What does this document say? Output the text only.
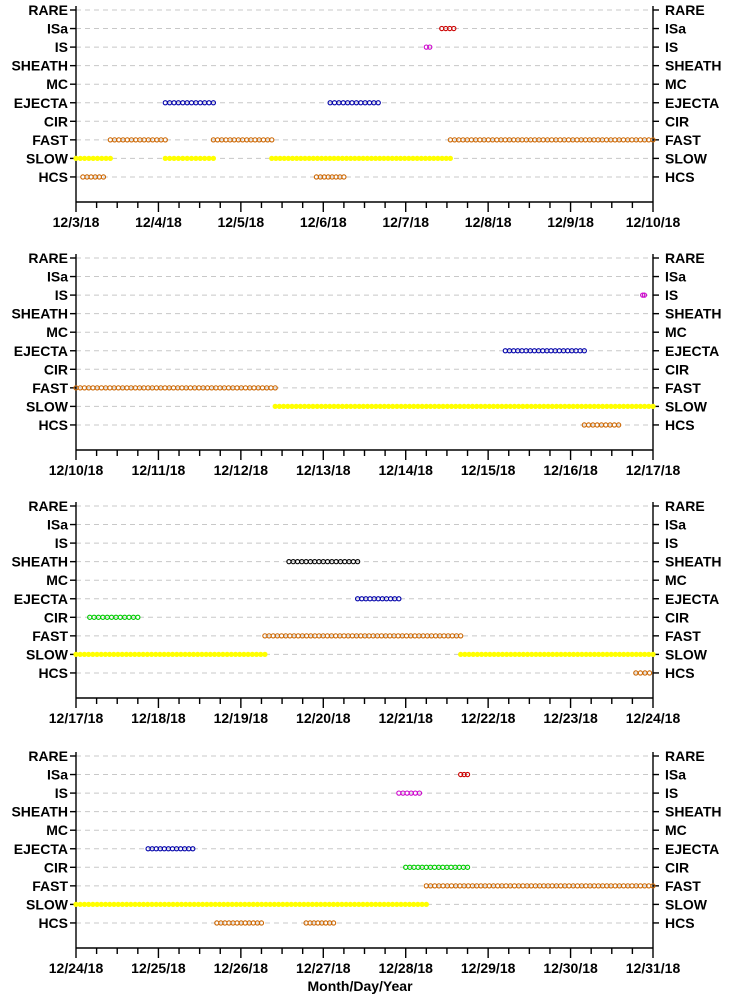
RARE	RARE
ISa	ISa
IS	IS
SHEATH	SHEATH
MC	MC
EJECTA	EJECTA
CIR	CIR
FAST	FAST
SLOW	SLOW
HCS	HCS
12/3/18	12/4/18	12/5/18	12/6/18	12/7/18	12/8/18	12/9/18 12/10/18
RARE	RARE
ISa	ISa
IS	IS
SHEATH	SHEATH
MC	MC
EJECTA	EJECTA
CIR	CIR
FAST	FAST
SLOW	SLOW
HCS	HCS
12/10/18 12/11/18 12/12/18 12/13/18 12/14/18 12/15/18 12/16/18 12/17/18
RARE	RARE
ISa	ISa
IS	IS
SHEATH	SHEATH
MC	MC
EJECTA	EJECTA
CIR	CIR
FAST	FAST
SLOW	SLOW
HCS	HCS
12/17/18 12/18/18 12/19/18 12/20/18 12/21/18 12/22/18 12/23/18 12/24/18
RARE	RARE
ISa	ISa
IS	IS
SHEATH	SHEATH
MC	MC
EJECTA	EJECTA
CIR	CIR
FAST	FAST
SLOW	SLOW
HCS	HCS
12/24/18 12/25/18 12/26/18 12/27/18 12/28/18 12/29/18 12/30/18 12/31/18
Month/Day/Year
